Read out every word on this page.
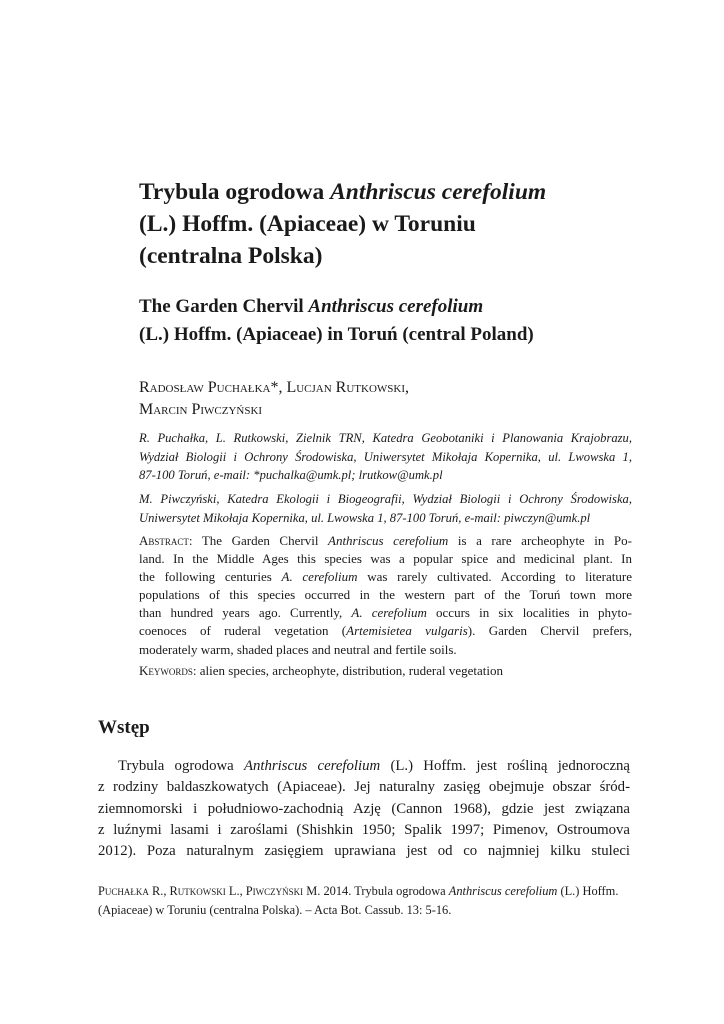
Trybula ogrodowa Anthriscus cerefolium
(L.) Hoffm. (Apiaceae) w Toruniu
(centralna Polska)
The Garden Chervil Anthriscus cerefolium
(L.) Hoffm. (Apiaceae) in Toruń (central Poland)
Radosław Puchałka*, Lucjan Rutkowski,
Marcin Piwczyński
R. Puchałka, L. Rutkowski, Zielnik TRN, Katedra Geobotaniki i Planowania Krajobrazu,
Wydział Biologii i Ochrony Środowiska, Uniwersytet Mikołaja Kopernika, ul. Lwowska 1,
87-100 Toruń, e-mail: *puchalka@umk.pl; lrutkow@umk.pl
M. Piwczyński, Katedra Ekologii i Biogeografii, Wydział Biologii i Ochrony Środowiska,
Uniwersytet Mikołaja Kopernika, ul. Lwowska 1, 87-100 Toruń, e-mail: piwczyn@umk.pl
Abstract: The Garden Chervil Anthriscus cerefolium is a rare archeophyte in Po-
land. In the Middle Ages this species was a popular spice and medicinal plant. In
the following centuries A. cerefolium was rarely cultivated. According to literature
populations of this species occurred in the western part of the Toruń town more
than hundred years ago. Currently, A. cerefolium occurs in six localities in phyto-
coenoces of ruderal vegetation (Artemisietea vulgaris). Garden Chervil prefers,
moderately warm, shaded places and neutral and fertile soils.
Keywords: alien species, archeophyte, distribution, ruderal vegetation
Wstęp

Trybula ogrodowa Anthriscus cerefolium (L.) Hoffm. jest rośliną jednoroczną
z rodziny baldaszkowatych (Apiaceae). Jej naturalny zasięg obejmuje obszar śród-
ziemnomorski i południowo-zachodnią Azję (Cannon 1968), gdzie jest związana
z luźnymi lasami i zaroślami (Shishkin 1950; Spalik 1997; Pimenov, Ostroumova
2012). Poza naturalnym zasięgiem uprawiana jest od co najmniej kilku stuleci

Puchałka R., Rutkowski L., Piwczyński M. 2014. Trybula ogrodowa Anthriscus cerefolium (L.) Hoffm.
(Apiaceae) w Toruniu (centralna Polska). – Acta Bot. Cassub. 13: 5-16.
